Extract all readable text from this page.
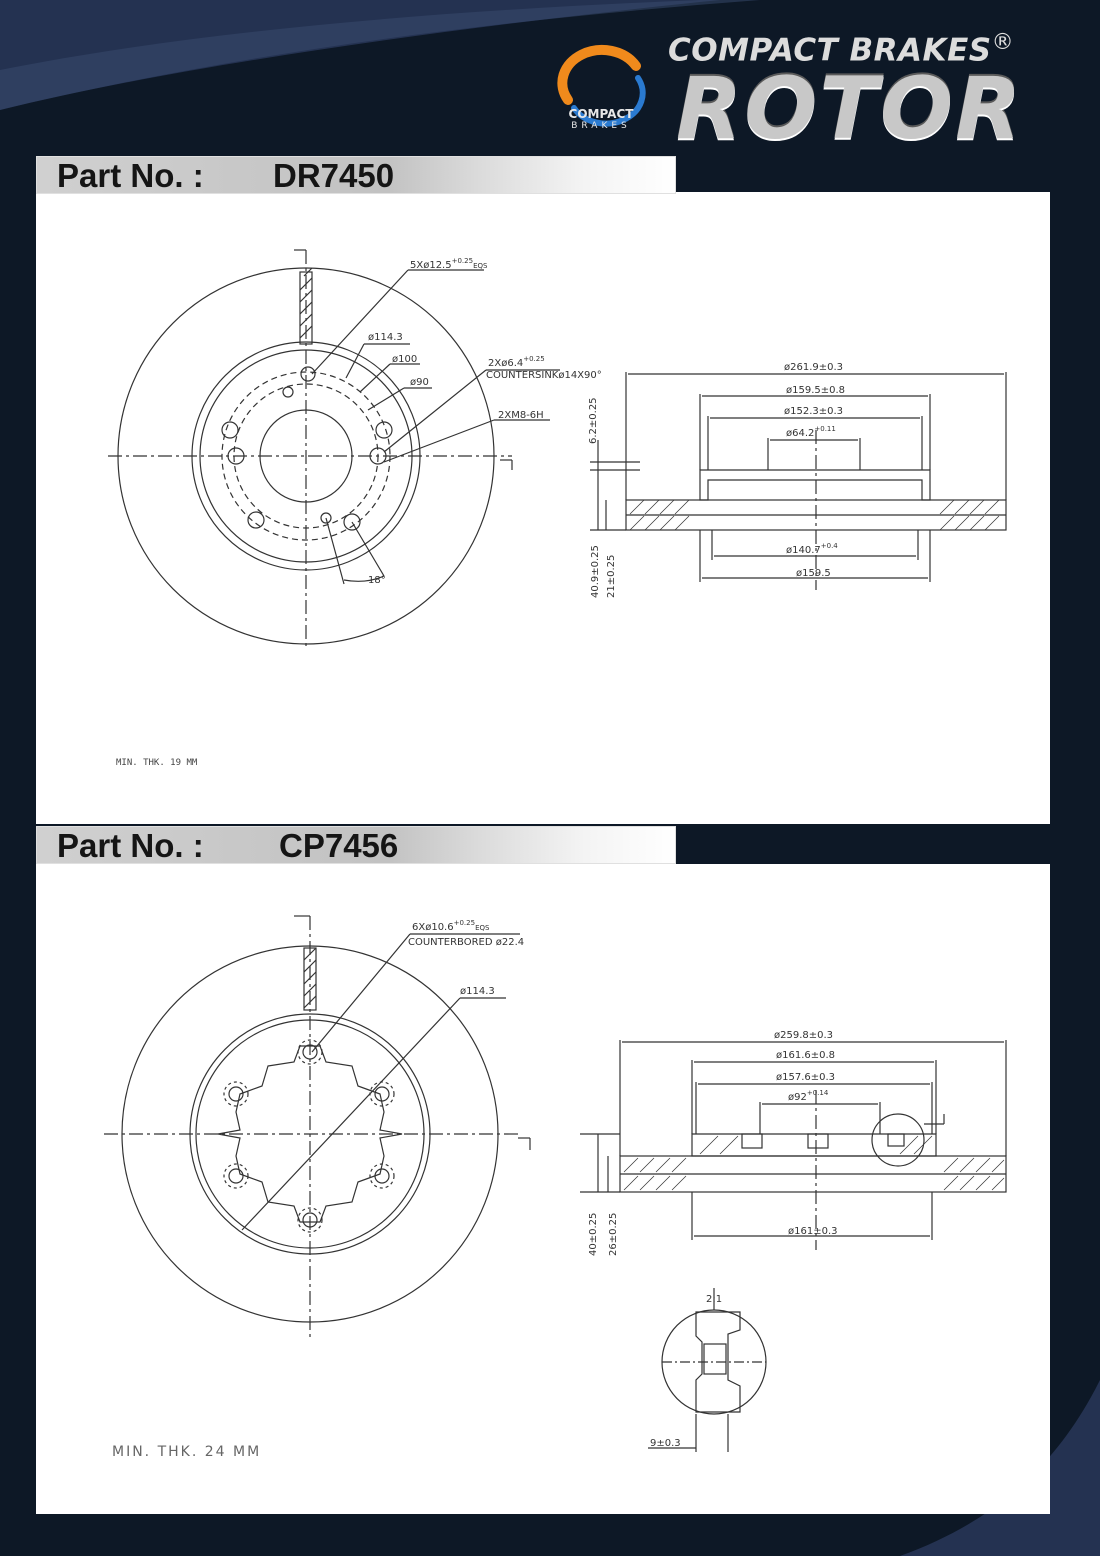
COMPACT
BRAKES
COMPACT BRAKES®
ROTOR
Part No. : DR7450
$5Xø12.5^{+0.25}_{EQS}$
ø114.3
ø100
ø90
$2Xø6.4^{+0.25}$
COUNTERSINKø14X90°
2XM8-6H
18°
ø261.9±0.3
ø159.5±0.8
ø152.3±0.3
$ø64.2^{+0.11}$
$ø140.7^{+0.4}$
ø159.5
6.2±0.25
21±0.25
40.9±0.25
MIN. THK. 19 MM
Part No. : CP7456
$6Xø10.6^{+0.25}_{EQS}$
COUNTERBORED ø22.4
ø114.3
ø259.8±0.3
ø161.6±0.8
ø157.6±0.3
$ø92^{+0.14}$
ø161±0.3
26±0.25
40±0.25
2:1
9±0.3
MIN. THK. 24 MM
